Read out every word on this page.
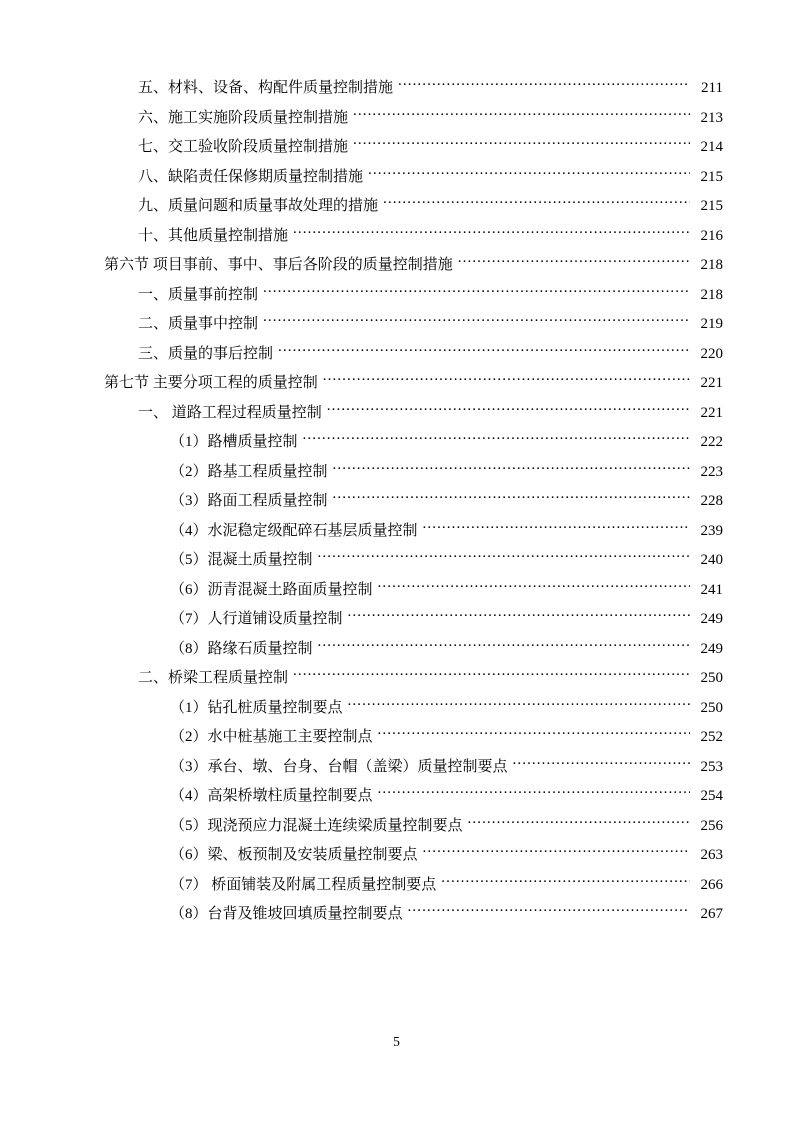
五、材料、设备、构配件质量控制措施 .....	211
六、施工实施阶段质量控制措施 .....	213
七、交工验收阶段质量控制措施 .....	214
八、缺陷责任保修期质量控制措施 .....	215
九、质量问题和质量事故处理的措施 .....	215
十、其他质量控制措施 .....	216
第六节 项目事前、事中、事后各阶段的质量控制措施 .....	218
一、质量事前控制 .....	218
二、质量事中控制 .....	219
三、质量的事后控制 .....	220
第七节 主要分项工程的质量控制 .....	221
一、 道路工程过程质量控制 .....	221
（1）路槽质量控制 .....	222
（2）路基工程质量控制 .....	223
（3）路面工程质量控制 .....	228
（4）水泥稳定级配碎石基层质量控制 .....	239
（5）混凝土质量控制 .....	240
（6）沥青混凝土路面质量控制 .....	241
（7）人行道铺设质量控制 .....	249
（8）路缘石质量控制 .....	249
二、桥梁工程质量控制 .....	250
（1）钻孔桩质量控制要点 .....	250
（2）水中桩基施工主要控制点 .....	252
（3）承台、墩、台身、台帽（盖梁）质量控制要点 .....	253
（4）高架桥墩柱质量控制要点 .....	254
（5）现浇预应力混凝土连续梁质量控制要点 .....	256
（6）梁、板预制及安装质量控制要点 .....	263
（7） 桥面铺装及附属工程质量控制要点 .....	266
（8）台背及锥坡回填质量控制要点 .....	267
5
